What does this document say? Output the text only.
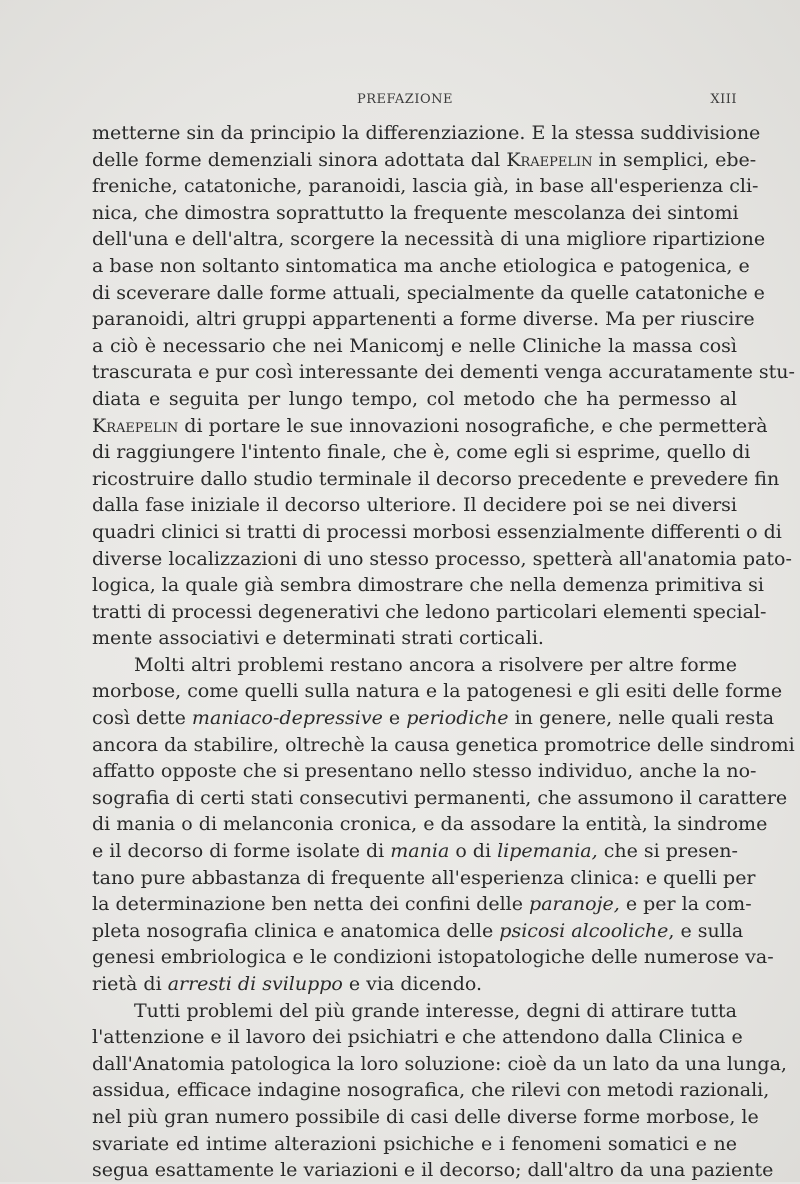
PREFAZIONE	XIII
metterne sin da principio la differenziazione. E la stessa suddivisione
delle forme demenziali sinora adottata dal Kraepelin in semplici, ebe-
freniche, catatoniche, paranoidi, lascia già, in base all'esperienza cli-
nica, che dimostra soprattutto la frequente mescolanza dei sintomi
dell'una e dell'altra, scorgere la necessità di una migliore ripartizione
a base non soltanto sintomatica ma anche etiologica e patogenica, e
di sceverare dalle forme attuali, specialmente da quelle catatoniche e
paranoidi, altri gruppi appartenenti a forme diverse. Ma per riuscire
a ciò è necessario che nei Manicomj e nelle Cliniche la massa così
trascurata e pur così interessante dei dementi venga accuratamente stu-
diata e seguita per lungo tempo, col metodo che ha permesso al
Kraepelin di portare le sue innovazioni nosografiche, e che permetterà
di raggiungere l'intento finale, che è, come egli si esprime, quello di
ricostruire dallo studio terminale il decorso precedente e prevedere fin
dalla fase iniziale il decorso ulteriore. Il decidere poi se nei diversi
quadri clinici si tratti di processi morbosi essenzialmente differenti o di
diverse localizzazioni di uno stesso processo, spetterà all'anatomia pato-
logica, la quale già sembra dimostrare che nella demenza primitiva si
tratti di processi degenerativi che ledono particolari elementi special-
mente associativi e determinati strati corticali.
Molti altri problemi restano ancora a risolvere per altre forme
morbose, come quelli sulla natura e la patogenesi e gli esiti delle forme
così dette maniaco-depressive e periodiche in genere, nelle quali resta
ancora da stabilire, oltrechè la causa genetica promotrice delle sindromi
affatto opposte che si presentano nello stesso individuo, anche la no-
sografia di certi stati consecutivi permanenti, che assumono il carattere
di mania o di melanconia cronica, e da assodare la entità, la sindrome
e il decorso di forme isolate di mania o di lipemania, che si presen-
tano pure abbastanza di frequente all'esperienza clinica: e quelli per
la determinazione ben netta dei confini delle paranoje, e per la com-
pleta nosografia clinica e anatomica delle psicosi alcooliche, e sulla
genesi embriologica e le condizioni istopatologiche delle numerose va-
rietà di arresti di sviluppo e via dicendo.
Tutti problemi del più grande interesse, degni di attirare tutta
l'attenzione e il lavoro dei psichiatri e che attendono dalla Clinica e
dall'Anatomia patologica la loro soluzione: cioè da un lato da una lunga,
assidua, efficace indagine nosografica, che rilevi con metodi razionali,
nel più gran numero possibile di casi delle diverse forme morbose, le
svariate ed intime alterazioni psichiche e i fenomeni somatici e ne
segua esattamente le variazioni e il decorso; dall'altro da una paziente
